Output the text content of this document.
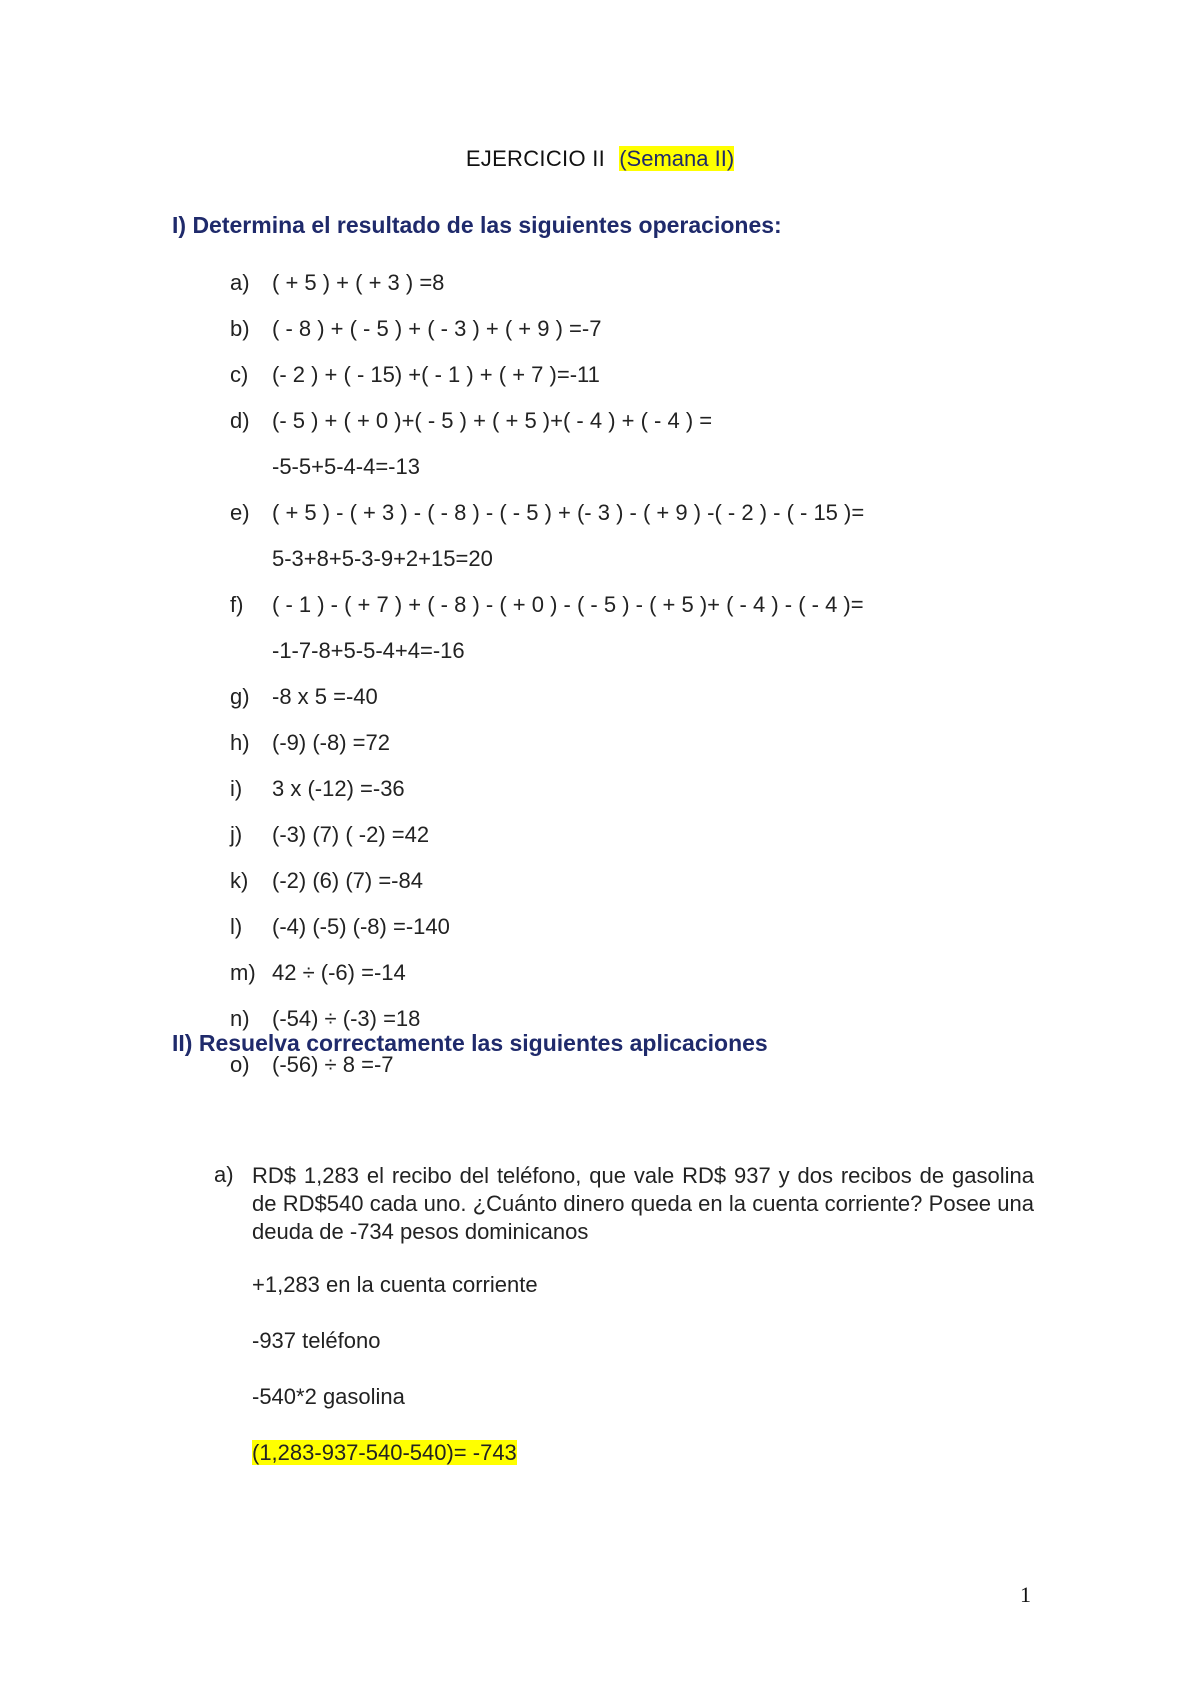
EJERCICIO II (Semana II)
I) Determina el resultado de las siguientes operaciones:
a) ( + 5 ) + ( + 3 ) =8
b) ( - 8 ) + ( - 5 ) + ( - 3 ) + ( + 9 ) =-7
c) (- 2 ) + ( - 15) +( - 1 ) + ( + 7 )=-11
d) (- 5 ) + ( + 0 )+( - 5 ) + ( + 5 )+( - 4 ) + ( - 4 ) =
-5-5+5-4-4=-13
e) ( + 5 ) - ( + 3 ) - ( - 8 ) - ( - 5 ) + (- 3 ) - ( + 9 ) -( - 2 ) - ( - 15 )=
5-3+8+5-3-9+2+15=20
f) ( - 1 ) - ( + 7 ) + ( - 8 ) - ( + 0 ) - ( - 5 ) - ( + 5 )+ ( - 4 ) - ( - 4 )=
-1-7-8+5-5-4+4=-16
g) -8 x 5 =-40
h) (-9) (-8) =72
i) 3 x (-12) =-36
j) (-3) (7) ( -2) =42
k) (-2) (6) (7) =-84
l) (-4) (-5) (-8) =-140
m) 42 ÷ (-6) =-14
n) (-54) ÷ (-3) =18
o) (-56) ÷ 8 =-7
II) Resuelva correctamente las siguientes aplicaciones
a) RD$ 1,283 el recibo del teléfono, que vale RD$ 937 y dos recibos de gasolina de RD$540 cada uno. ¿Cuánto dinero queda en la cuenta corriente? Posee una deuda de -734 pesos dominicanos
+1,283 en la cuenta corriente
-937 teléfono
-540*2 gasolina
(1,283-937-540-540)= -743
1
